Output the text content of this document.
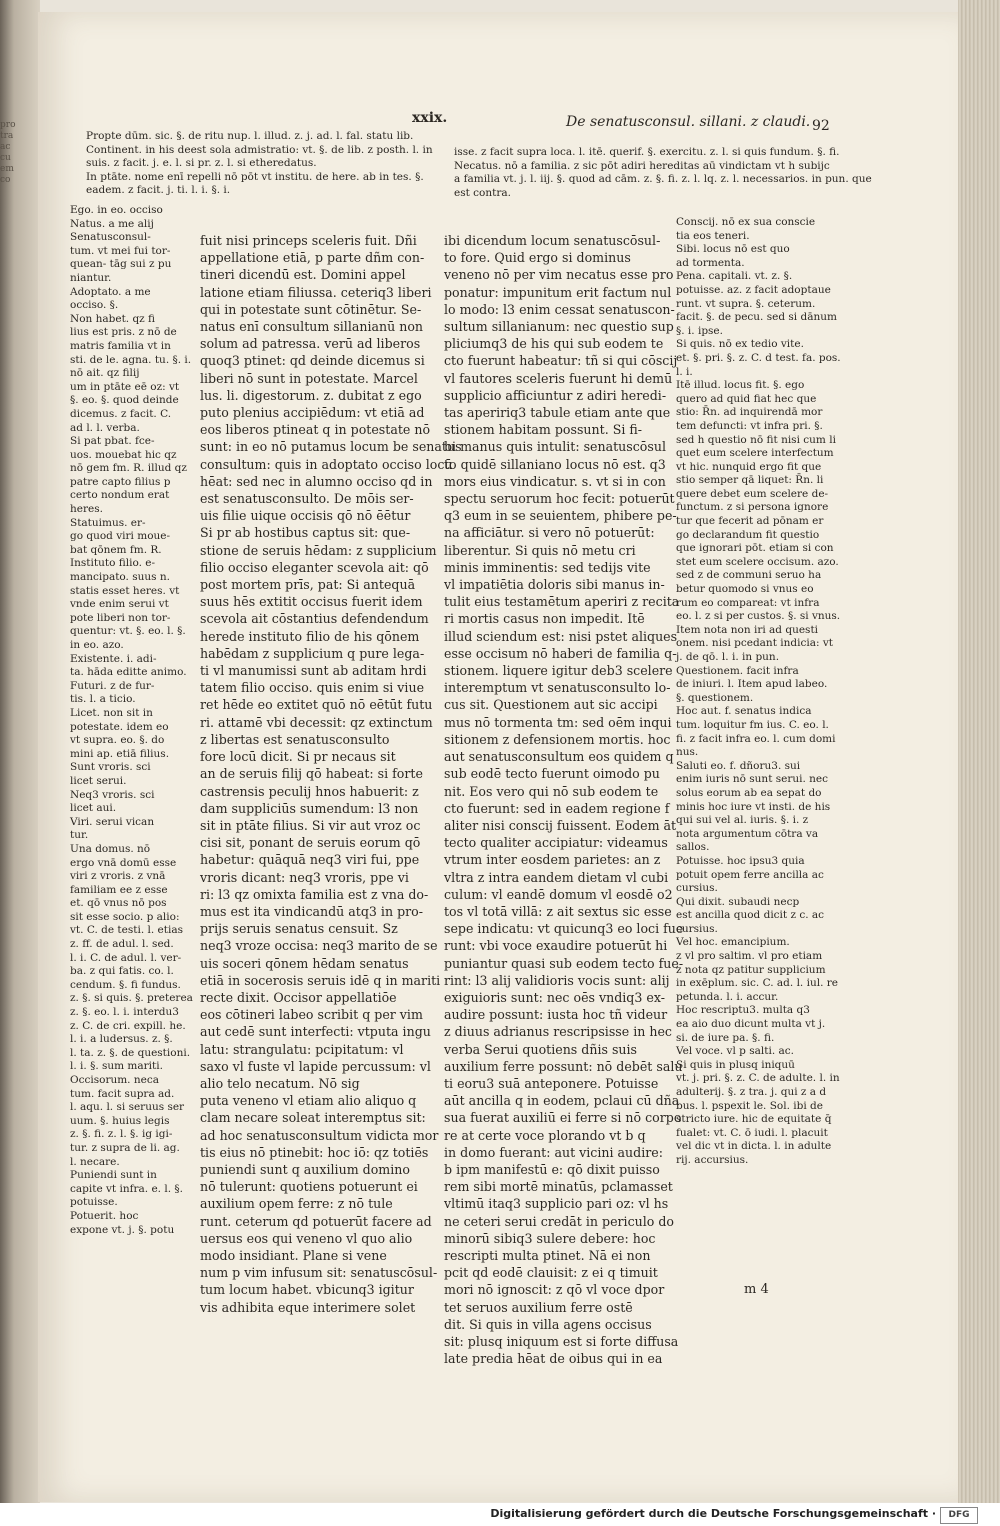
pro
tra
ac
cu
em
co
xxix.	De senatusconsul. sillani. z claudi. 92
Propte dūm. sic. §. de ritu nup. l. illud. z. j. ad. l. fal. statu lib.
Continent. in his deest sola admistratio: vt. §. de lib. z posth. l. in
suis. z facit. j. e. l. si pr. z. l. si etheredatus.
In ptāte. nome enī repelli nō pōt vt institu. de here. ab in tes. §.
eadem. z facit. j. ti. l. i. §. i.
isse. z facit supra loca. l. itē. querif. §. exercitu. z. l. si quis fundum. §. fi.
Necatus. nō a familia. z sic pōt adiri hereditas aū vindictam vt h subijc
a familia vt. j. l. iij. §. quod ad cām. z. §. fi. z. l. lq. z. l. necessarios. in pun. que
est contra.
Ego. in eo. occiso
Natus. a me alij
Senatusconsul-
tum. vt mei fui tor-
quean- tāg sui z pu
niantur.
Adoptato. a me
occiso. §.
Non habet. qz fi
lius est pris. z nō de
matris familia vt in
sti. de le. agna. tu. §. i.
nō ait. qz filij
um in ptāte eē oz: vt
§. eo. §. quod deinde
dicemus. z facit. C.
ad l. l. verba.
Si pat pbat. fce-
uos. mouebat hic qz
nō gem fm. R. illud qz
patre capto filius p
certo nondum erat
heres.
Statuimus. er-
go quod viri moue-
bat qōnem fm. R.
Instituto filio. e-
mancipato. suus n.
statis esset heres. vt
vnde enim serui vt
pote liberi non tor-
quentur: vt. §. eo. l. §.
in eo. azo.
Existente. i. adi-
ta. hāda editte animo.
Futuri. z de fur-
tis. l. a ticio.
Licet. non sit in
potestate. idem eo
vt supra. eo. §. do
mini ap. etiā filius.
Sunt vroris. sci
licet serui.
Neq3 vroris. sci
licet aui.
Viri. serui vican
tur.
Una domus. nō
ergo vnā domū esse
viri z vroris. z vnā
familiam ee z esse
et. qō vnus nō pos
sit esse socio. p alio:
vt. C. de testi. l. etias
z. ff. de adul. l. sed.
l. i. C. de adul. l. ver-
ba. z qui fatis. co. l.
cendum. §. fi fundus.
z. §. si quis. §. preterea
z. §. eo. l. i. interdu3
z. C. de cri. expill. he.
l. i. a ludersus. z. §.
l. ta. z. §. de questioni.
l. i. §. sum mariti.
Occisorum. neca
tum. facit supra ad.
l. aqu. l. si seruus ser
uum. §. huius legis
z. §. fi. z. l. §. ig igi-
tur. z supra de li. ag.
l. necare.
Puniendi sunt in
capite vt infra. e. l. §.
potuisse.
Potuerit. hoc
expone vt. j. §. potu
Conscij. nō ex sua conscie
tia eos teneri.
Sibi. locus nō est quo
ad tormenta.
Pena. capitali. vt. z. §.
potuisse. az. z facit adoptaue
runt. vt supra. §. ceterum.
facit. §. de pecu. sed si dānum
§. i. ipse.
Si quis. nō ex tedio vite.
et. §. pri. §. z. C. d test. fa. pos.
l. i.
Itē illud. locus fit. §. ego
quero ad quid fiat hec que
stio: R̄n. ad inquirendā mor
tem defuncti: vt infra pri. §.
sed h questio nō fit nisi cum li
quet eum scelere interfectum
vt hic. nunquid ergo fit que
stio semper qā liquet: R̄n. li
quere debet eum scelere de-
functum. z si persona ignore
tur que fecerit ad pōnam er
go declarandum fit questio
que ignorari pōt. etiam si con
stet eum scelere occisum. azo.
sed z de communi seruo ha
betur quomodo si vnus eo
rum eo compareat: vt infra
eo. l. z si per custos. §. si vnus.
Item nota non iri ad questi
onem. nisi pcedant indicia: vt
j. de qō. l. i. in pun.
Questionem. facit infra
de iniuri. l. Item apud labeo.
§. questionem.
Hoc aut. f. senatus indica
tum. loquitur fm ius. C. eo. l.
fi. z facit infra eo. l. cum domi
nus.
Saluti eo. f. dñoru3. sui
enim iuris nō sunt serui. nec
solus eorum ab ea sepat do
minis hoc iure vt insti. de his
qui sui vel al. iuris. §. i. z
nota argumentum cōtra va
sallos.
Potuisse. hoc ipsu3 quia
potuit opem ferre ancilla ac
cursius.
Qui dixit. subaudi necp
est ancilla quod dicit z c. ac
cursius.
Vel hoc. emancipium.
z vl pro saltim. vl pro etiam
z nota qz patitur supplicium
in exēplum. sic. C. ad. l. iul. re
petunda. l. i. accur.
Hoc rescriptu3. multa q3
ea aio duo dicunt multa vt j.
si. de iure pa. §. fi.
Vel voce. vl p salti. ac.
Si quis in plusq iniquū
vt. j. pri. §. z. C. de adulte. l. in
adulterij. §. z tra. j. qui z a d
bus. l. pspexit le. Sol. ibi de
stricto iure. hic de equitate q̄
fualet: vt. C. ō iudi. l. placuit
vel dic vt in dicta. l. in adulte
rij. accursius.
fuit nisi princeps sceleris fuit. Dñi
appellatione etiā, p parte dñm con-
tineri dicendū est. Domini appel
latione etiam filiussa. ceteriq3 liberi
qui in potestate sunt cōtinētur. Se-
natus enī consultum sillanianū non
solum ad patressa. verū ad liberos
quoq3 ptinet: qd deinde dicemus si
liberi nō sunt in potestate. Marcel
lus. li. digestorum. z. dubitat z ego
puto plenius accipiēdum: vt etiā ad
eos liberos ptineat q in potestate nō
sunt: in eo nō putamus locum be senatus
consultum: quis in adoptato occiso locū
hēat: sed nec in alumno occiso qd in
est senatusconsulto. De mōis ser-
uis filie uique occisis qō nō ēētur
Si pr ab hostibus captus sit: que-
stione de seruis hēdam: z supplicium
filio occiso eleganter scevola ait: qō
post mortem prīs, pat: Si antequā
suus hēs extitit occisus fuerit idem
scevola ait cōstantius defendendum
herede instituto filio de his qōnem
habēdam z supplicium q pure lega-
ti vl manumissi sunt ab aditam hrdi
tatem filio occiso. quis enim si viue
ret hēde eo extitet quō nō eētūt futu
ri. attamē vbi decessit: qz extinctum
z libertas est senatusconsulto
fore locū dicit. Si pr necaus sit
an de seruis filij qō habeat: si forte
castrensis peculij hnos habuerit: z
dam suppliciūs sumendum: l3 non
sit in ptāte filius. Si vir aut vroz oc
cisi sit, ponant de seruis eorum qō
habetur: quāquā neq3 viri fui, ppe
vroris dicant: neq3 vroris, ppe vi
ri: l3 qz omixta familia est z vna do-
mus est ita vindicandū atq3 in pro-
prijs seruis senatus censuit. Sz
neq3 vroze occisa: neq3 marito de se
uis soceri qōnem hēdam senatus
etiā in socerosis seruis idē q in mariti
recte dixit. Occisor appellatiōe
eos cōtineri labeo scribit q per vim
aut cedē sunt interfecti: vtputa ingu
latu: strangulatu: pcipitatum: vl
saxo vl fuste vl lapide percussum: vl
alio telo necatum. Nō sig
puta veneno vl etiam alio aliquo q
clam necare soleat interemptus sit:
ad hoc senatusconsultum vidicta mor
tis eius nō ptinebit: hoc iō: qz totiēs
puniendi sunt q auxilium domino
nō tulerunt: quotiens potuerunt ei
auxilium opem ferre: z nō tule
runt. ceterum qd potuerūt facere ad
uersus eos qui veneno vl quo alio
modo insidiant. Plane si vene
num p vim infusum sit: senatuscōsul-
tum locum habet. vbicunq3 igitur
vis adhibita eque interimere solet
ibi dicendum locum senatuscōsul-
to fore. Quid ergo si dominus
veneno nō per vim necatus esse pro
ponatur: impunitum erit factum nul
lo modo: l3 enim cessat senatuscon-
sultum sillanianum: nec questio sup
pliciumq3 de his qui sub eodem te
cto fuerunt habeatur: tñ si qui cōscij
vl fautores sceleris fuerunt hi demū
supplicio afficiuntur z adiri heredi-
tas apeririq3 tabule etiam ante que
stionem habitam possunt. Si fi-
bi manus quis intulit: senatuscōsul
to quidē sillaniano locus nō est. q3
mors eius vindicatur. s. vt si in con
spectu seruorum hoc fecit: potuerūt
q3 eum in se seuientem, phibere pe-
na afficiātur. si vero nō potuerūt:
liberentur. Si quis nō metu cri
minis imminentis: sed tedijs vite
vl impatiētia doloris sibi manus in-
tulit eius testamētum aperiri z recita
ri mortis casus non impedit. Itē
illud sciendum est: nisi pstet aliques
esse occisum nō haberi de familia q-
stionem. liquere igitur deb3 scelere
interemptum vt senatusconsulto lo-
cus sit. Questionem aut sic accipi
mus nō tormenta tm: sed oēm inqui
sitionem z defensionem mortis. hoc
aut senatusconsultum eos quidem q
sub eodē tecto fuerunt oimodo pu
nit. Eos vero qui nō sub eodem te
cto fuerunt: sed in eadem regione f
aliter nisi conscij fuissent. Eodem āt
tecto qualiter accipiatur: videamus
vtrum inter eosdem parietes: an z
vltra z intra eandem dietam vl cubi
culum: vl eandē domum vl eosdē o2
tos vl totā villā: z ait sextus sic esse
sepe indicatu: vt quicunq3 eo loci fue
runt: vbi voce exaudire potuerūt hi
puniantur quasi sub eodem tecto fue-
rint: l3 alij validioris vocis sunt: alij
exiguioris sunt: nec oēs vndiq3 ex-
audire possunt: iusta hoc tñ videur
z diuus adrianus rescripsisse in hec
verba Serui quotiens dñis suis
auxilium ferre possunt: nō debēt salu
ti eoru3 suā anteponere. Potuisse
aūt ancilla q in eodem, pclaui cū dña
sua fuerat auxiliū ei ferre si nō corpo
re at certe voce plorando vt b q
in domo fuerant: aut vicini audire:
b ipm manifestū e: qō dixit puisso
rem sibi mortē minatūs, pclamasset
vltimū itaq3 supplicio pari oz: vl hs
ne ceteri serui credāt in periculo do
minorū sibiq3 sulere debere: hoc
rescripti multa ptinet. Nā ei non
pcit qd eodē clauisit: z ei q timuit
mori nō ignoscit: z qō vl voce dpor
tet seruos auxilium ferre ostē
dit. Si quis in villa agens occisus
sit: plusq iniquum est si forte diffusa
late predia hēat de oibus qui in ea
m 4
Digitalisierung gefördert durch die Deutsche Forschungsgemeinschaft ·	DFG
